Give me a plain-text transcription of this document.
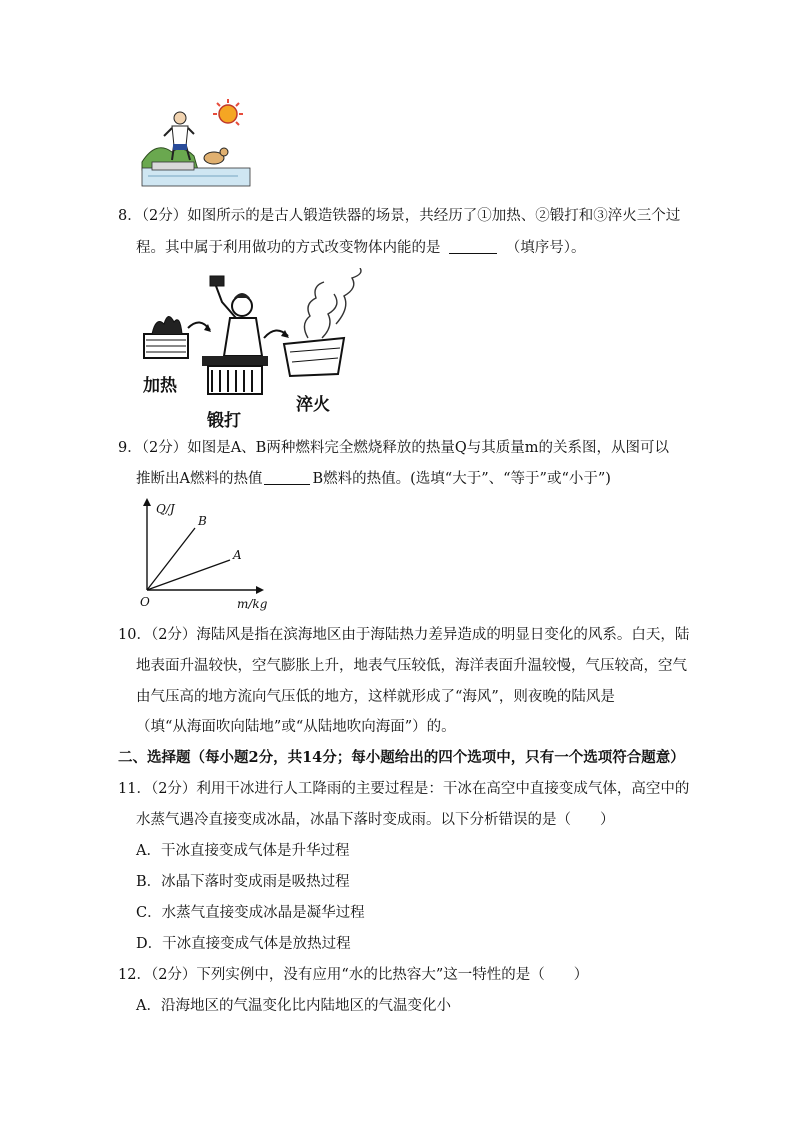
8．（2分）如图所示的是古人锻造铁器的场景，共经历了①加热、②锻打和③淬火三个过
程。其中属于利用做功的方式改变物体内能的是	（填序号）。
加热
锻打
淬火
9．（2分）如图是A、B两种燃料完全燃烧释放的热量Q与其质量m的关系图，从图可以
推断出A燃料的热值	B燃料的热值。(选填“大于”、“等于”或“小于”)
Q/J
m/kg
O
B
A
10．（2分）海陆风是指在滨海地区由于海陆热力差异造成的明显日变化的风系。白天，陆
地表面升温较快，空气膨胀上升，地表气压较低，海洋表面升温较慢，气压较高，空气
由气压高的地方流向气压低的地方，这样就形成了“海风”，则夜晚的陆风是
（填“从海面吹向陆地”或“从陆地吹向海面”）的。
二、选择题（每小题2分，共14分；每小题给出的四个选项中，只有一个选项符合题意）
11．（2分）利用干冰进行人工降雨的主要过程是：干冰在高空中直接变成气体，高空中的
水蒸气遇冷直接变成冰晶，冰晶下落时变成雨。以下分析错误的是（　　）
A．干冰直接变成气体是升华过程
B．冰晶下落时变成雨是吸热过程
C．水蒸气直接变成冰晶是凝华过程
D．干冰直接变成气体是放热过程
12．（2分）下列实例中，没有应用“水的比热容大”这一特性的是（　　）
A．沿海地区的气温变化比内陆地区的气温变化小
